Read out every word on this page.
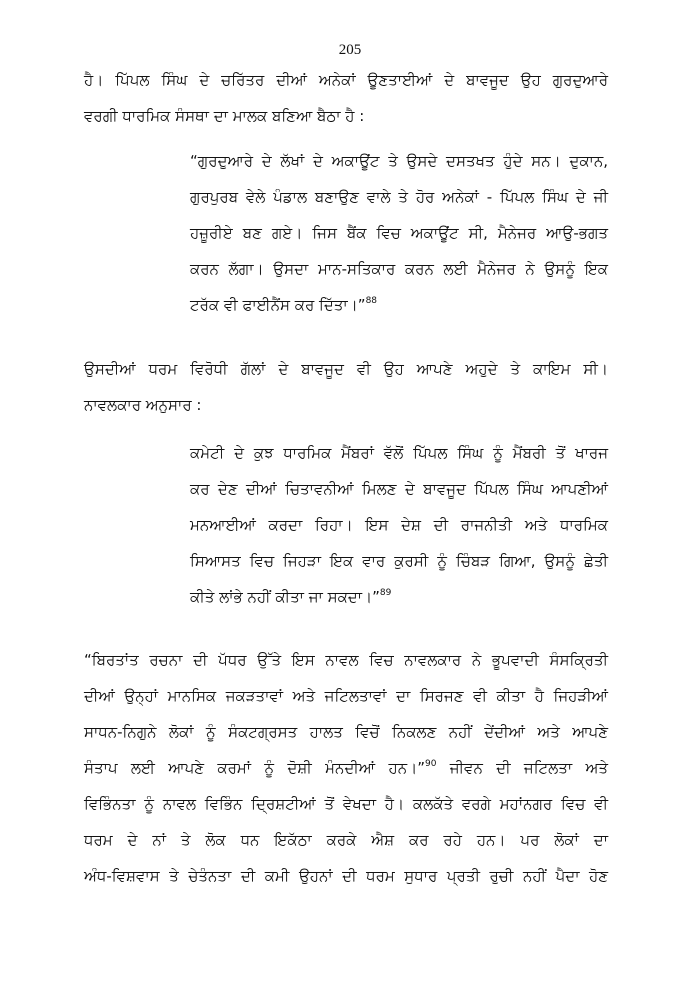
205
ਹੈ। ਪਿੱਪਲ ਸਿੰਘ ਦੇ ਚਰਿੱਤਰ ਦੀਆਂ ਅਨੇਕਾਂ ਊਣਤਾਈਆਂ ਦੇ ਬਾਵਜੂਦ ਉਹ ਗੁਰਦੁਆਰੇ
ਵਰਗੀ ਧਾਰਮਿਕ ਸੰਸਥਾ ਦਾ ਮਾਲਕ ਬਣਿਆ ਬੈਠਾ ਹੈ :
“ਗੁਰਦੁਆਰੇ ਦੇ ਲੱਖਾਂ ਦੇ ਅਕਾਊਂਟ ਤੇ ਉਸਦੇ ਦਸਤਖਤ ਹੁੰਦੇ ਸਨ। ਦੁਕਾਨ,
ਗੁਰਪੁਰਬ ਵੇਲੇ ਪੰਡਾਲ ਬਣਾਉਣ ਵਾਲੇ ਤੇ ਹੋਰ ਅਨੇਕਾਂ - ਪਿੱਪਲ ਸਿੰਘ ਦੇ ਜੀ
ਹਜ਼ੂਰੀਏ ਬਣ ਗਏ। ਜਿਸ ਬੈਂਕ ਵਿਚ ਅਕਾਊਂਟ ਸੀ, ਮੈਨੇਜਰ ਆਉ-ਭਗਤ
ਕਰਨ ਲੱਗਾ। ਉਸਦਾ ਮਾਨ-ਸਤਿਕਾਰ ਕਰਨ ਲਈ ਮੈਨੇਜਰ ਨੇ ਉਸਨੂੰ ਇਕ
ਟਰੱਕ ਵੀ ਫਾਈਨੈਂਸ ਕਰ ਦਿੱਤਾ।”$^{88}$
ਉਸਦੀਆਂ ਧਰਮ ਵਿਰੋਧੀ ਗੱਲਾਂ ਦੇ ਬਾਵਜੂਦ ਵੀ ਉਹ ਆਪਣੇ ਅਹੁਦੇ ਤੇ ਕਾਇਮ ਸੀ।
ਨਾਵਲਕਾਰ ਅਨੁਸਾਰ :
ਕਮੇਟੀ ਦੇ ਕੁਝ ਧਾਰਮਿਕ ਮੈਂਬਰਾਂ ਵੱਲੋਂ ਪਿੱਪਲ ਸਿੰਘ ਨੂੰ ਮੈਂਬਰੀ ਤੋਂ ਖਾਰਜ
ਕਰ ਦੇਣ ਦੀਆਂ ਚਿਤਾਵਨੀਆਂ ਮਿਲਣ ਦੇ ਬਾਵਜੂਦ ਪਿੱਪਲ ਸਿੰਘ ਆਪਣੀਆਂ
ਮਨਆਈਆਂ ਕਰਦਾ ਰਿਹਾ। ਇਸ ਦੇਸ਼ ਦੀ ਰਾਜਨੀਤੀ ਅਤੇ ਧਾਰਮਿਕ
ਸਿਆਸਤ ਵਿਚ ਜਿਹੜਾ ਇਕ ਵਾਰ ਕੁਰਸੀ ਨੂੰ ਚਿੰਬੜ ਗਿਆ, ਉਸਨੂੰ ਛੇਤੀ
ਕੀਤੇ ਲਾਂਭੇ ਨਹੀਂ ਕੀਤਾ ਜਾ ਸਕਦਾ।”$^{89}$
“ਬਿਰਤਾਂਤ ਰਚਨਾ ਦੀ ਪੱਧਰ ਉੱਤੇ ਇਸ ਨਾਵਲ ਵਿਚ ਨਾਵਲਕਾਰ ਨੇ ਭੂਪਵਾਦੀ ਸੰਸਕ੍ਰਿਤੀ
ਦੀਆਂ ਉਨ੍ਹਾਂ ਮਾਨਸਿਕ ਜਕੜਤਾਵਾਂ ਅਤੇ ਜਟਿਲਤਾਵਾਂ ਦਾ ਸਿਰਜਣ ਵੀ ਕੀਤਾ ਹੈ ਜਿਹੜੀਆਂ
ਸਾਧਨ-ਨਿਗੁਨੇ ਲੋਕਾਂ ਨੂੰ ਸੰਕਟਗ੍ਰਸਤ ਹਾਲਤ ਵਿਚੋਂ ਨਿਕਲਣ ਨਹੀਂ ਦੇਂਦੀਆਂ ਅਤੇ ਆਪਣੇ
ਸੰਤਾਪ ਲਈ ਆਪਣੇ ਕਰਮਾਂ ਨੂੰ ਦੋਸ਼ੀ ਮੰਨਦੀਆਂ ਹਨ।”$^{90}$ ਜੀਵਨ ਦੀ ਜਟਿਲਤਾ ਅਤੇ
ਵਿਭਿੰਨਤਾ ਨੂੰ ਨਾਵਲ ਵਿਭਿੰਨ ਦ੍ਰਿਸ਼ਟੀਆਂ ਤੋਂ ਵੇਖਦਾ ਹੈ। ਕਲਕੱਤੇ ਵਰਗੇ ਮਹਾਂਨਗਰ ਵਿਚ ਵੀ
ਧਰਮ ਦੇ ਨਾਂ ਤੇ ਲੋਕ ਧਨ ਇਕੱਠਾ ਕਰਕੇ ਐਸ਼ ਕਰ ਰਹੇ ਹਨ। ਪਰ ਲੋਕਾਂ ਦਾ
ਅੰਧ-ਵਿਸ਼ਵਾਸ ਤੇ ਚੇਤੰਨਤਾ ਦੀ ਕਮੀ ਉਹਨਾਂ ਦੀ ਧਰਮ ਸੁਧਾਰ ਪ੍ਰਤੀ ਰੁਚੀ ਨਹੀਂ ਪੈਦਾ ਹੋਣ
